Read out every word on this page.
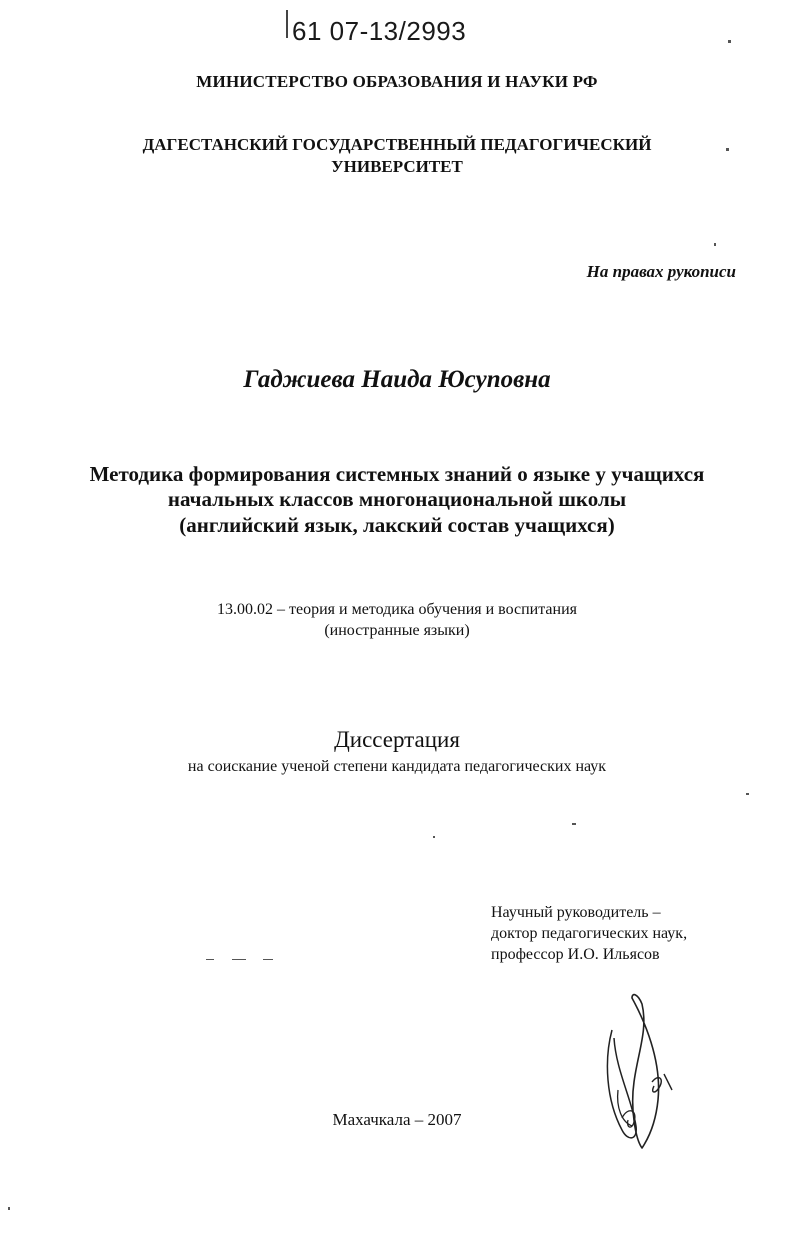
61 07-13/2993
МИНИСТЕРСТВО ОБРАЗОВАНИЯ И НАУКИ РФ
ДАГЕСТАНСКИЙ ГОСУДАРСТВЕННЫЙ ПЕДАГОГИЧЕСКИЙ
УНИВЕРСИТЕТ
На правах рукописи
Гаджиева Наида Юсуповна
Методика формирования системных знаний о языке у учащихся
начальных классов многонациональной школы
(английский язык, лакский состав учащихся)
13.00.02 – теория и методика обучения и воспитания
(иностранные языки)
Диссертация
на соискание ученой степени кандидата педагогических наук
Научный руководитель –
доктор педагогических наук,
профессор И.О. Ильясов
Махачкала – 2007
